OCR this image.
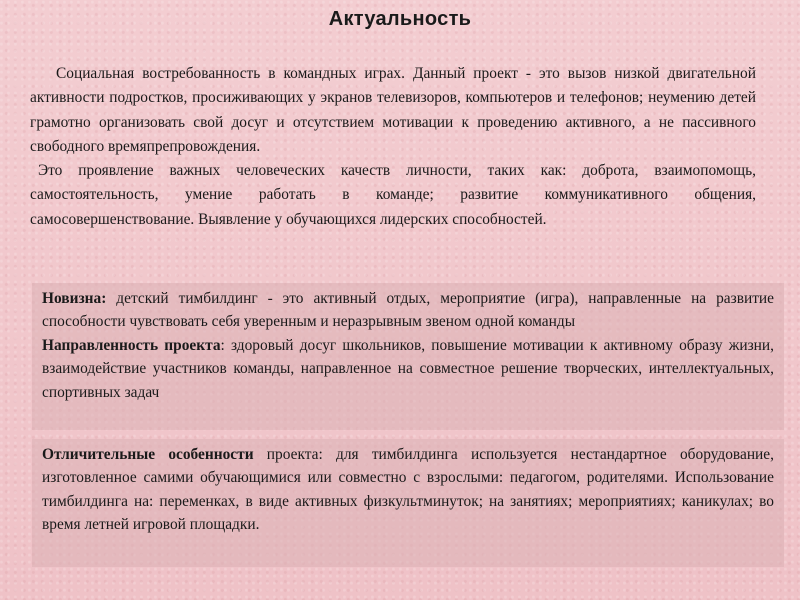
Актуальность

Социальная востребованность в командных играх. Данный проект - это вызов низкой двигательной активности подростков, просиживающих у экранов телевизоров, компьютеров и телефонов; неумению детей грамотно организовать свой досуг и отсутствием мотивации к проведению активного, а не пассивного свободного времяпрепровождения.

Это проявление важных человеческих качеств личности, таких как: доброта, взаимопомощь, самостоятельность, умение работать в команде; развитие коммуникативного общения, самосовершенствование. Выявление у обучающихся лидерских способностей.

Новизна: детский тимбилдинг - это активный отдых, мероприятие (игра), направленные на развитие способности чувствовать себя уверенным и неразрывным звеном одной команды

Направленность проекта: здоровый досуг школьников, повышение мотивации к активному образу жизни, взаимодействие участников команды, направленное на совместное решение творческих, интеллектуальных, спортивных задач

Отличительные особенности проекта: для тимбилдинга используется нестандартное оборудование, изготовленное самими обучающимися или совместно с взрослыми: педагогом, родителями. Использование тимбилдинга на: переменках, в виде активных физкультминуток; на занятиях; мероприятиях; каникулах; во время летней игровой площадки.
